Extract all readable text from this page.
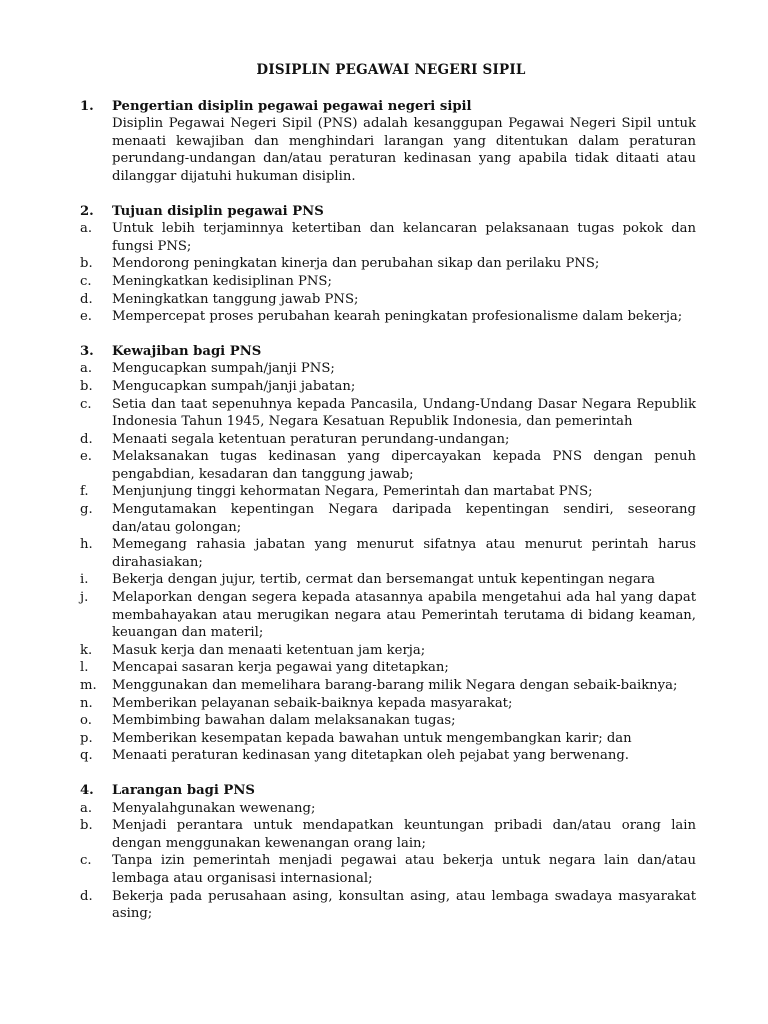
DISIPLIN PEGAWAI NEGERI SIPIL
1.	Pengertian disiplin pegawai pegawai negeri sipil
Disiplin Pegawai Negeri Sipil (PNS) adalah kesanggupan Pegawai Negeri Sipil untuk menaati kewajiban dan menghindari larangan yang ditentukan dalam peraturan perundang-undangan dan/atau peraturan kedinasan yang apabila tidak ditaati atau dilanggar dijatuhi hukuman disiplin.
2.	Tujuan disiplin pegawai PNS
a.	Untuk lebih terjaminnya ketertiban dan kelancaran pelaksanaan tugas pokok dan fungsi PNS;
b.	Mendorong peningkatan kinerja dan perubahan sikap dan perilaku PNS;
c.	Meningkatkan kedisiplinan PNS;
d.	Meningkatkan tanggung jawab PNS;
e.	Mempercepat proses perubahan kearah peningkatan profesionalisme dalam bekerja;
3.	Kewajiban bagi PNS
a.	Mengucapkan sumpah/janji PNS;
b.	Mengucapkan sumpah/janji jabatan;
c.	Setia dan taat sepenuhnya kepada Pancasila, Undang-Undang Dasar Negara Republik Indonesia Tahun 1945, Negara Kesatuan Republik Indonesia, dan pemerintah
d.	Menaati segala ketentuan peraturan perundang-undangan;
e.	Melaksanakan tugas kedinasan yang dipercayakan kepada PNS dengan penuh pengabdian, kesadaran dan tanggung jawab;
f.	Menjunjung tinggi kehormatan Negara, Pemerintah dan martabat PNS;
g.	Mengutamakan kepentingan Negara daripada kepentingan sendiri, seseorang dan/atau golongan;
h.	Memegang rahasia jabatan yang menurut sifatnya atau menurut perintah harus dirahasiakan;
i.	Bekerja dengan jujur, tertib, cermat dan bersemangat untuk kepentingan negara
j.	Melaporkan dengan segera kepada atasannya apabila mengetahui ada hal yang dapat membahayakan atau merugikan negara atau Pemerintah terutama di bidang keaman, keuangan dan materil;
k.	Masuk kerja dan menaati ketentuan jam kerja;
l.	Mencapai sasaran kerja pegawai yang ditetapkan;
m.	Menggunakan dan memelihara barang-barang milik Negara dengan sebaik-baiknya;
n.	Memberikan pelayanan sebaik-baiknya kepada masyarakat;
o.	Membimbing bawahan dalam melaksanakan tugas;
p.	Memberikan kesempatan kepada bawahan untuk mengembangkan karir; dan
q.	Menaati peraturan kedinasan yang ditetapkan oleh pejabat yang berwenang.
4.	Larangan bagi PNS
a.	Menyalahgunakan wewenang;
b.	Menjadi perantara untuk mendapatkan keuntungan pribadi dan/atau orang lain dengan menggunakan kewenangan orang lain;
c.	Tanpa izin pemerintah menjadi pegawai atau bekerja untuk negara lain dan/atau lembaga atau organisasi internasional;
d.	Bekerja pada perusahaan asing, konsultan asing, atau lembaga swadaya masyarakat asing;
